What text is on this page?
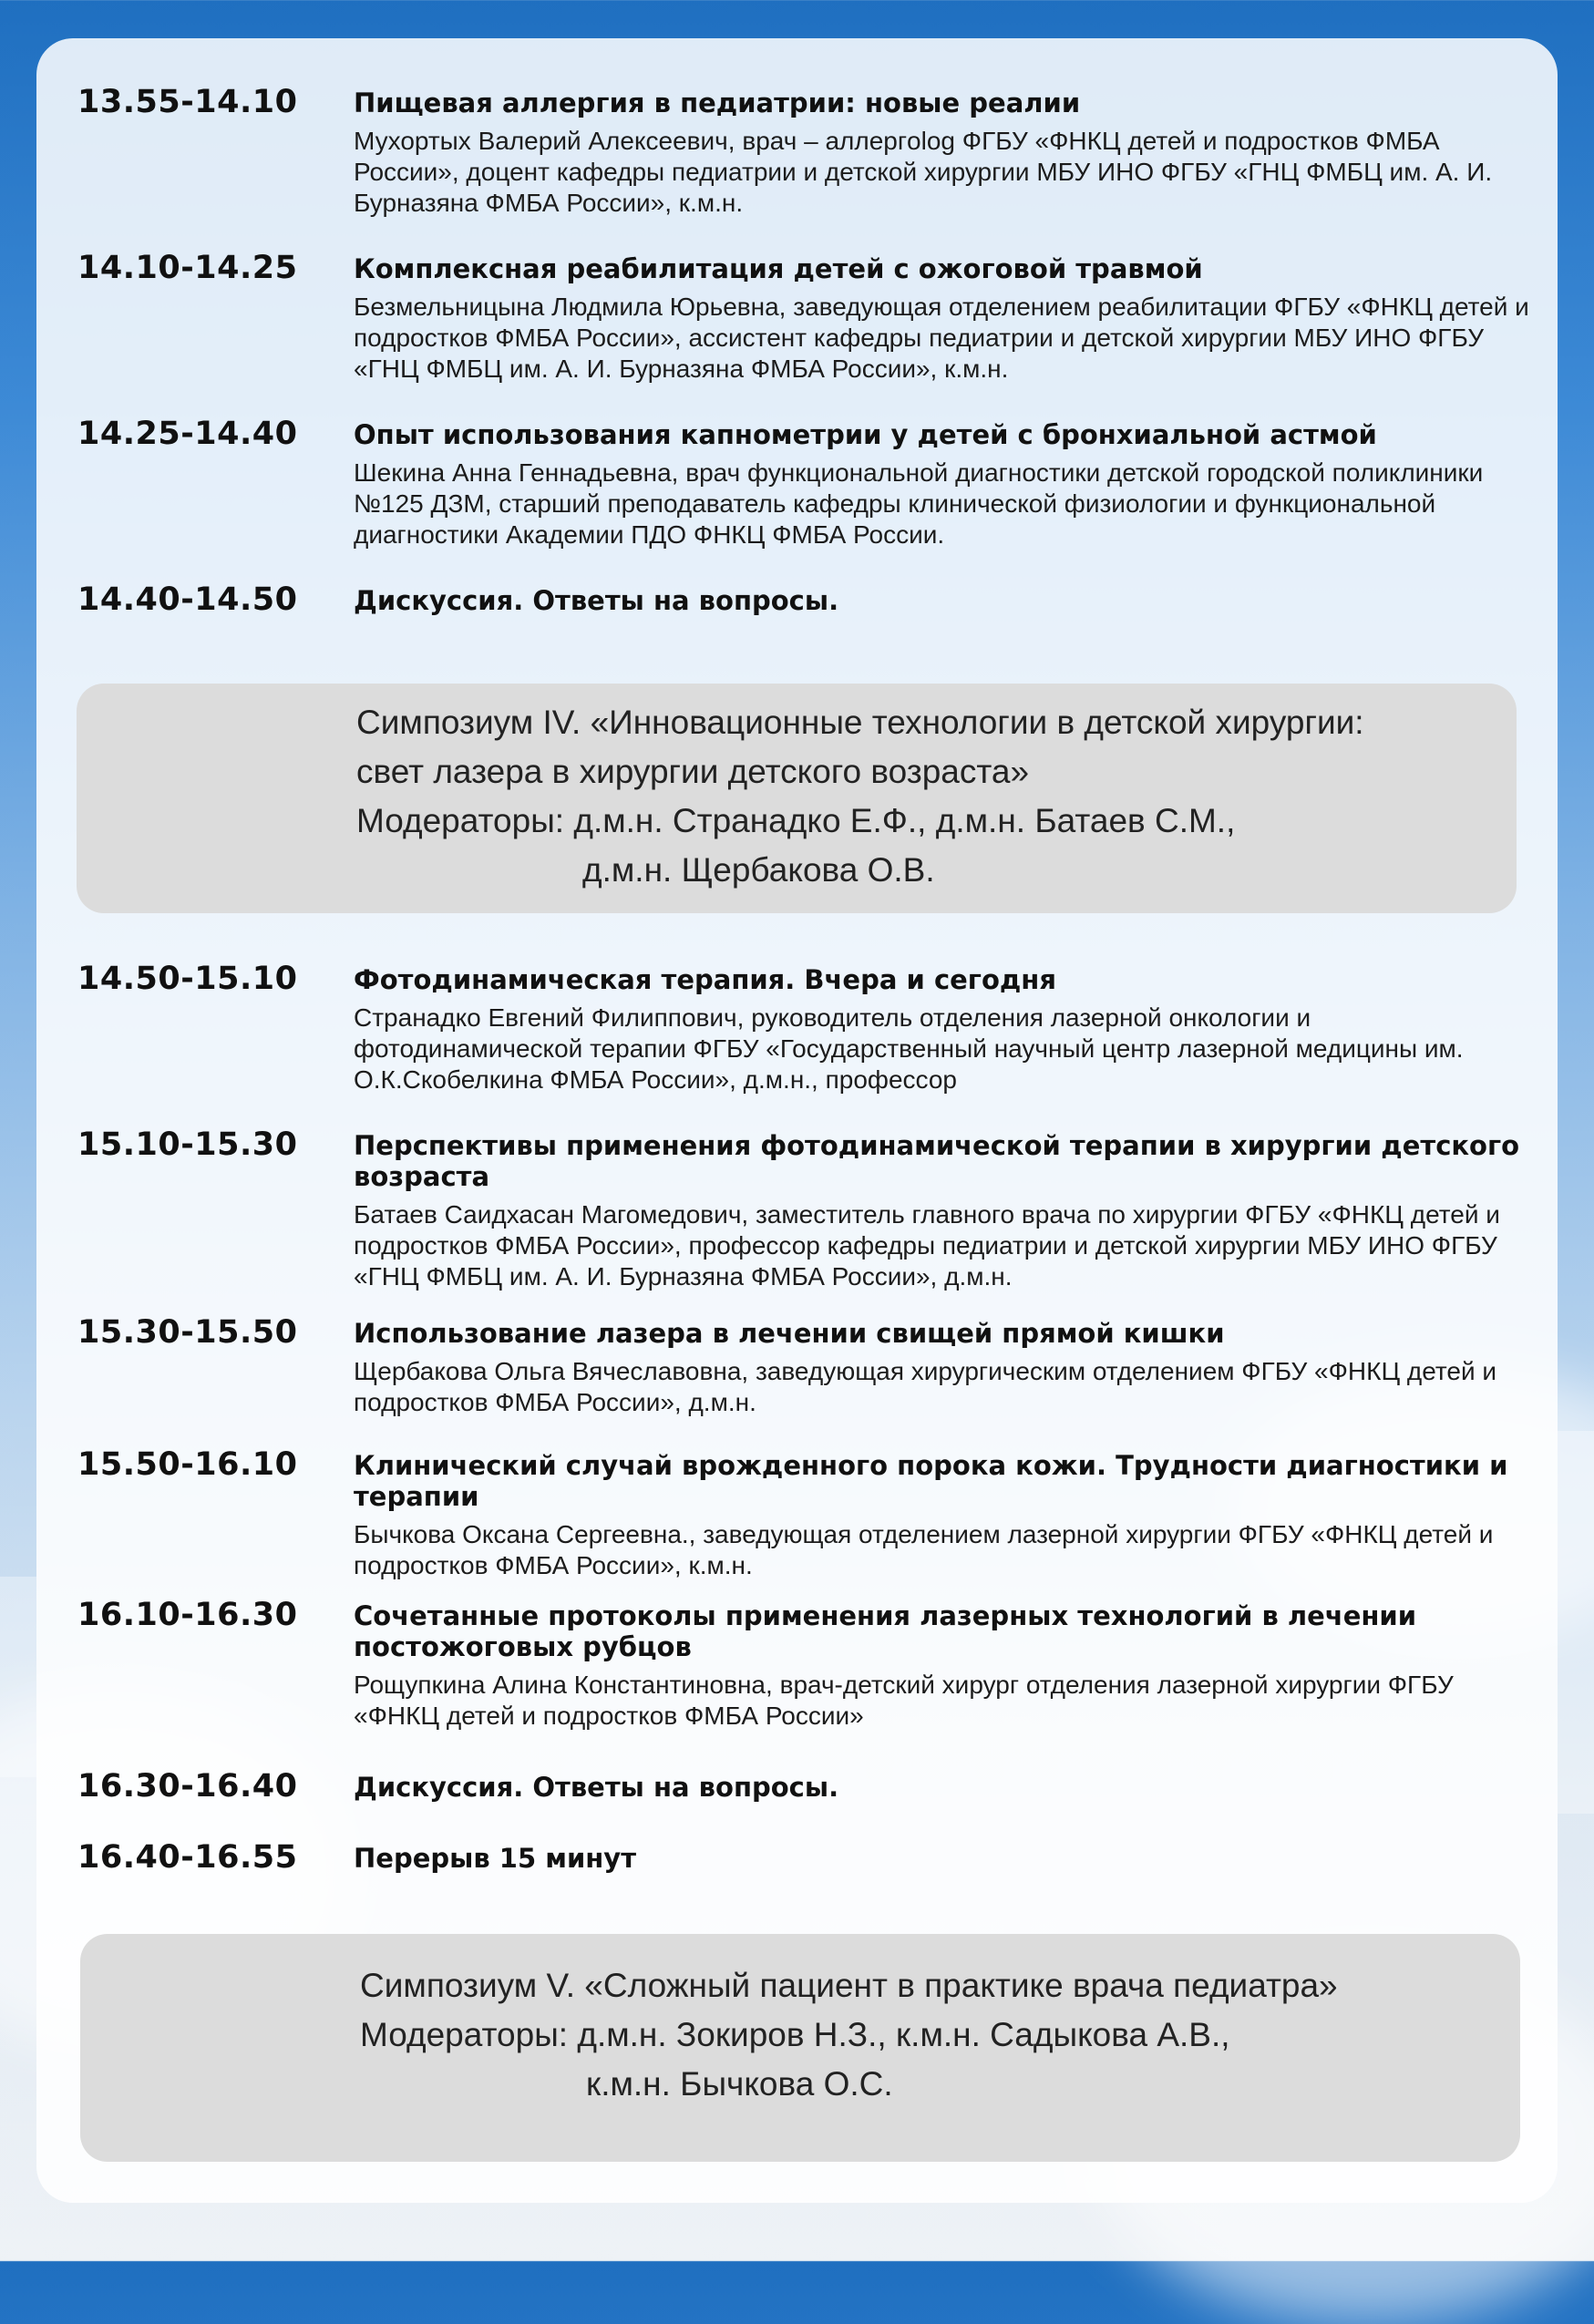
13.55-14.10 Пищевая аллергия в педиатрии: новые реалии
Мухортых Валерий Алексеевич, врач – аллергolog ФГБУ «ФНКЦ детей и подростков ФМБА России», доцент кафедры педиатрии и детской хирургии МБУ ИНО ФГБУ «ГНЦ ФМБЦ им. А. И. Бурназяна ФМБА России», к.м.н.
14.10-14.25 Комплексная реабилитация детей с ожоговой травмой
Безмельницына Людмила Юрьевна, заведующая отделением реабилитации ФГБУ «ФНКЦ детей и подростков ФМБА России», ассистент кафедры педиатрии и детской хирургии МБУ ИНО ФГБУ «ГНЦ ФМБЦ им. А. И. Бурназяна ФМБА России», к.м.н.
14.25-14.40 Опыт использования капнометрии у детей с бронхиальной астмой
Шекина Анна Геннадьевна, врач функциональной диагностики детской городской поликлиники №125 ДЗМ, старший преподаватель кафедры клинической физиологии и функциональной диагностики Академии ПДО ФНКЦ ФМБА России.
14.40-14.50 Дискуссия. Ответы на вопросы.
Симпозиум IV. «Инновационные технологии в детской хирургии:
свет лазера в хирургии детского возраста»
Модераторы: д.м.н. Странадко Е.Ф., д.м.н. Батаев С.М.,
д.м.н. Щербакова О.В.
14.50-15.10 Фотодинамическая терапия. Вчера и сегодня
Странадко Евгений Филиппович, руководитель отделения лазерной онкологии и фотодинамической терапии ФГБУ «Государственный научный центр лазерной медицины им. О.К.Скобелкина ФМБА России», д.м.н., профессор
15.10-15.30 Перспективы применения фотодинамической терапии в хирургии детского возраста
Батаев Саидхасан Магомедович, заместитель главного врача по хирургии ФГБУ «ФНКЦ детей и подростков ФМБА России», профессор кафедры педиатрии и детской хирургии МБУ ИНО ФГБУ «ГНЦ ФМБЦ им. А. И. Бурназяна ФМБА России», д.м.н.
15.30-15.50 Использование лазера в лечении свищей прямой кишки
Щербакова Ольга Вячеславовна, заведующая хирургическим отделением ФГБУ «ФНКЦ детей и подростков ФМБА России», д.м.н.
15.50-16.10 Клинический случай врожденного порока кожи. Трудности диагностики и терапии
Бычкова Оксана Сергеевна., заведующая отделением лазерной хирургии ФГБУ «ФНКЦ детей и подростков ФМБА России», к.м.н.
16.10-16.30 Сочетанные протоколы применения лазерных технологий в лечении постожоговых рубцов
Рощупкина Алина Константиновна, врач-детский хирург отделения лазерной хирургии ФГБУ «ФНКЦ детей и подростков ФМБА России»
16.30-16.40 Дискуссия. Ответы на вопросы.
16.40-16.55 Перерыв 15 минут
Симпозиум V. «Сложный пациент в практике врача педиатра»
Модераторы: д.м.н. Зокиров Н.З., к.м.н. Садыкова А.В.,
к.м.н. Бычкова О.С.
